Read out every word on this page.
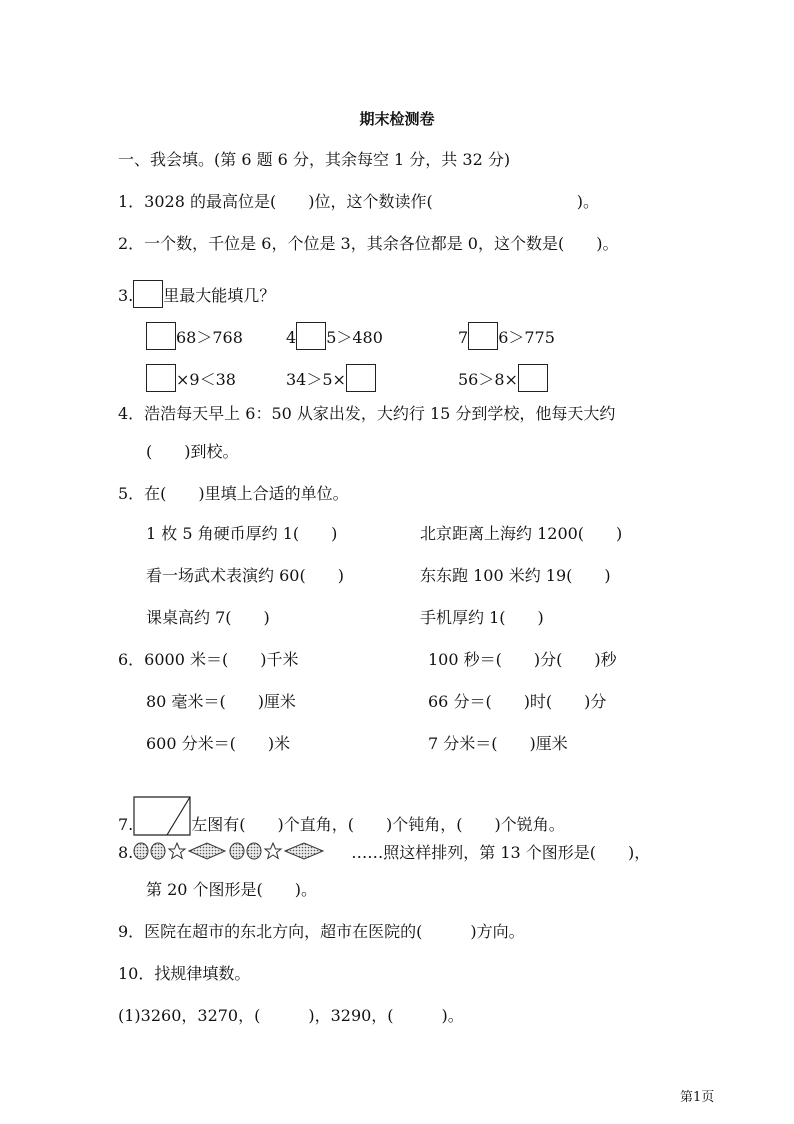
期末检测卷
一、我会填。(第 6 题 6 分，其余每空 1 分，共 32 分)
1．3028 的最高位是(　　)位，这个数读作(　　　　　　　　　)。
2．一个数，千位是 6，个位是 3，其余各位都是 0，这个数是(　　)。
3. 里最大能填几？
68＞768	4 5＞480	7 6＞775
×9＜38	34＞5×	56＞8×
4．浩浩每天早上 6：50 从家出发，大约行 15 分到学校，他每天大约
(　　)到校。
5．在(　　)里填上合适的单位。
1 枚 5 角硬币厚约 1(　　)	北京距离上海约 1200(　　)
看一场武术表演约 60(　　)	东东跑 100 米约 19(　　)
课桌高约 7(　　)	手机厚约 1(　　)
6．6000 米＝(　　)千米	100 秒＝(　　)分(　　)秒
80 毫米＝(　　)厘米	66 分＝(　　)时(　　)分
600 分米＝(　　)米	7 分米＝(　　)厘米
7.	左图有(　　)个直角，(　　)个钝角，(　　)个锐角。
8.	……照这样排列，第 13 个图形是(　　)，
第 20 个图形是(　　)。
9．医院在超市的东北方向，超市在医院的(　　　)方向。
10．找规律填数。
(1)3260，3270，(　　　)，3290，(　　　)。
第1页
